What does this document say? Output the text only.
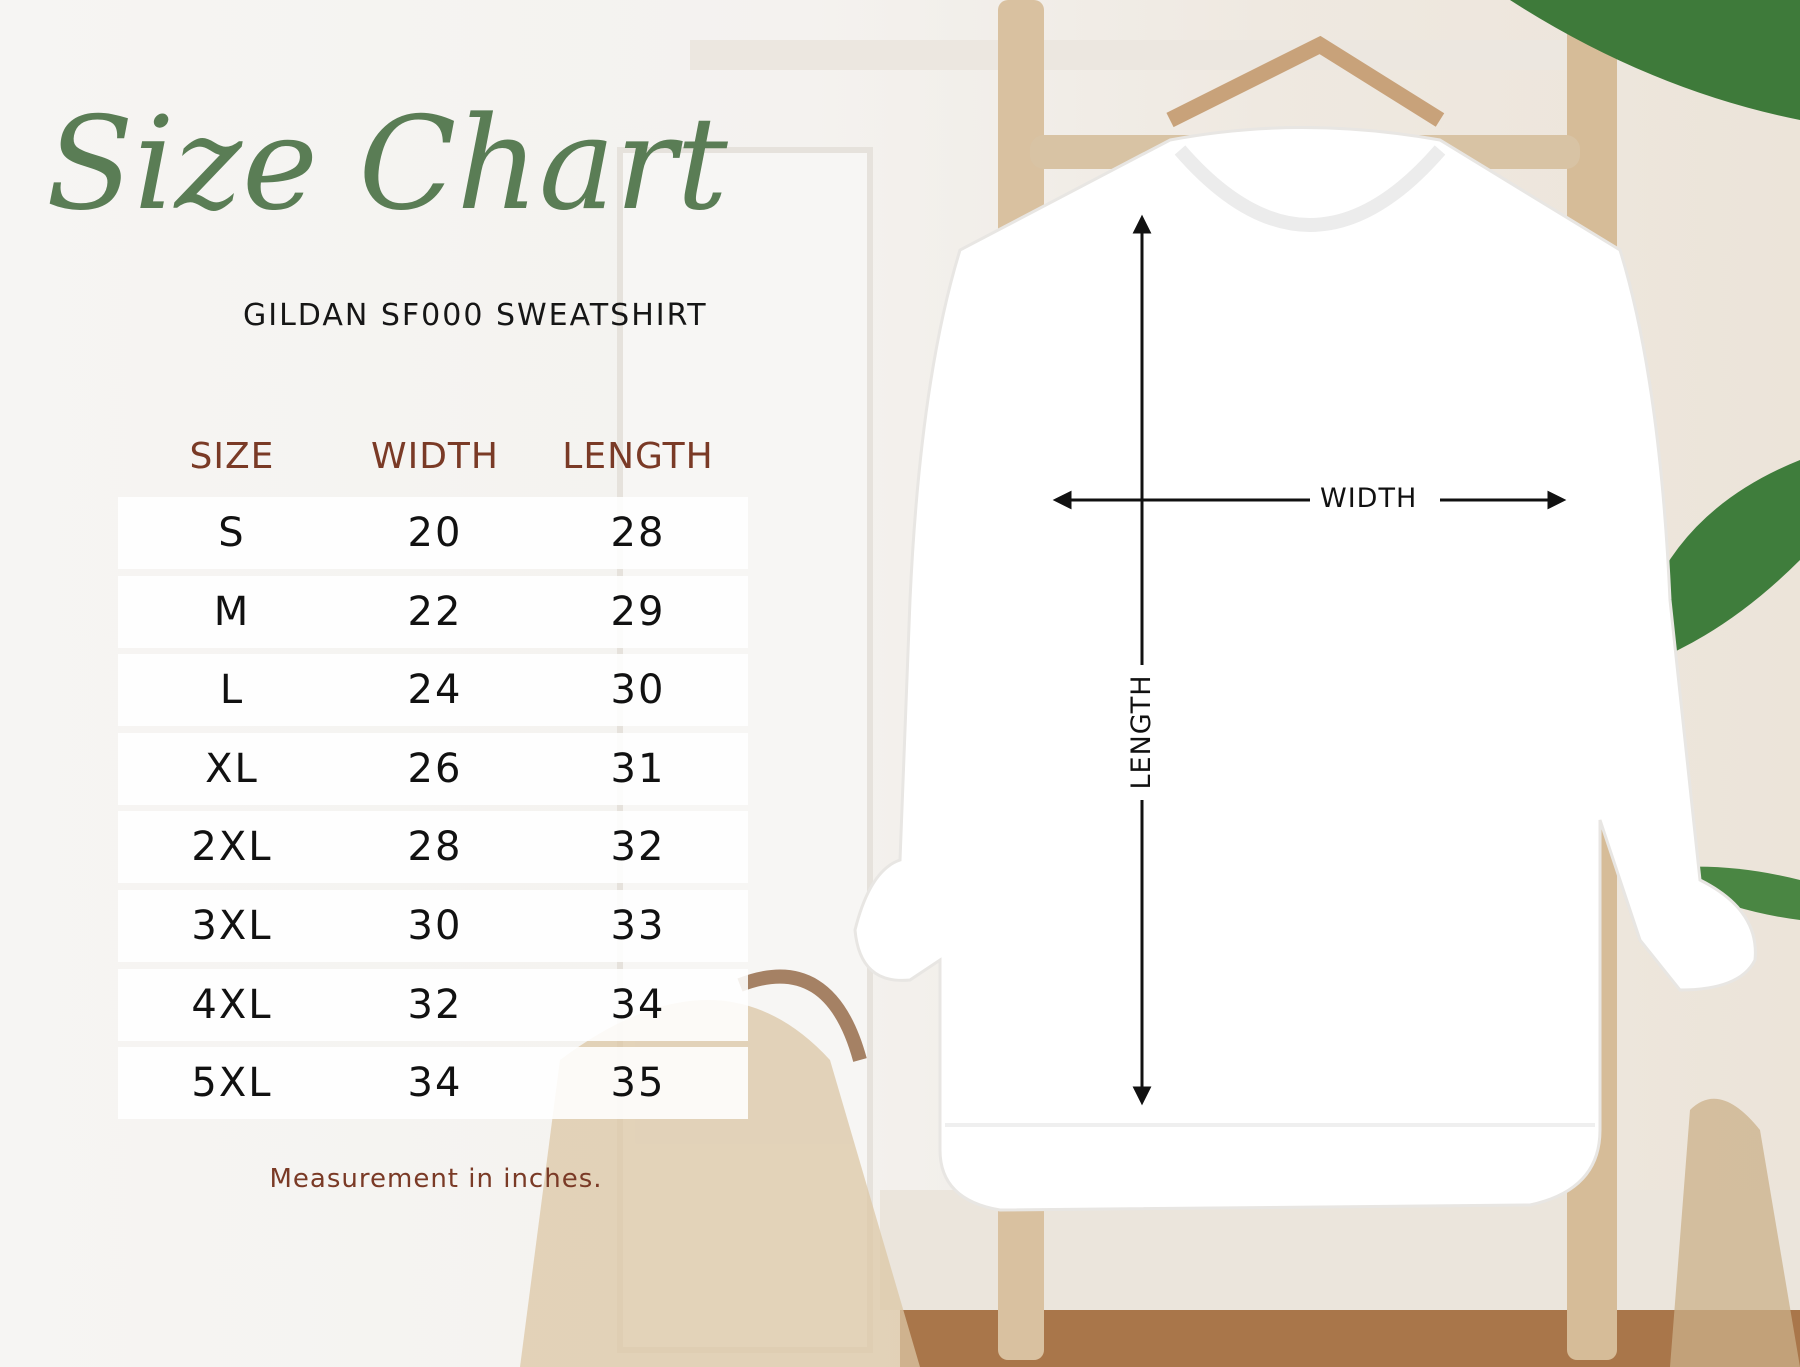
Size Chart
GILDAN SF000 SWEATSHIRT
SIZE	WIDTH LENGTH
S	20	28
M	22	29
L	24	30
XL	26	31
2XL	28	32
3XL	30	33
4XL	32	34
5XL	34	35
Measurement in inches.
WIDTH
LENGTH
